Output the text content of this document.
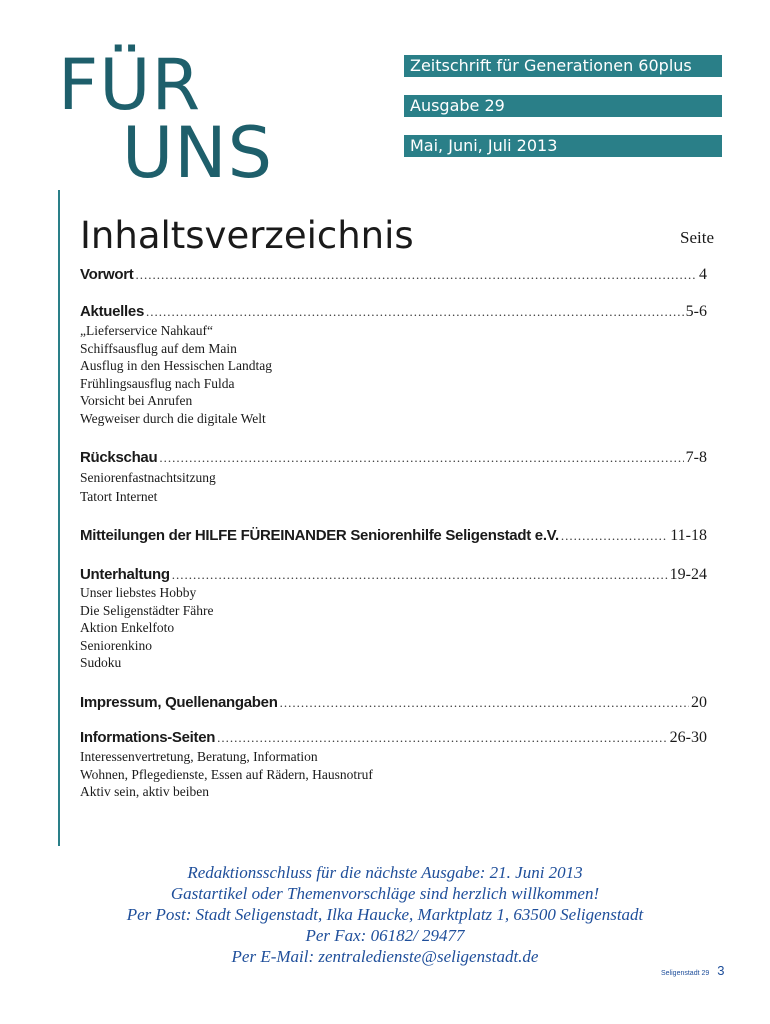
FÜR
UNS
Zeitschrift für Generationen 60plus
Ausgabe 29
Mai, Juni, Juli 2013
Inhaltsverzeichnis	Seite
Vorwort .....	4
Aktuelles .....	5-6
„Lieferservice Nahkauf“
Schiffsausflug auf dem Main
Ausflug in den Hessischen Landtag
Frühlingsausflug nach Fulda
Vorsicht bei Anrufen
Wegweiser durch die digitale Welt
Rückschau .....	7-8
Seniorenfastnachtsitzung
Tatort Internet
Mitteilungen der HILFE FÜREINANDER Seniorenhilfe Seligenstadt e.V. .....	11-18
Unterhaltung .....	19-24
Unser liebstes Hobby
Die Seligenstädter Fähre
Aktion Enkelfoto
Seniorenkino
Sudoku
Impressum, Quellenangaben .....	20
Informations-Seiten .....	26-30
Interessenvertretung, Beratung, Information
Wohnen, Pflegedienste, Essen auf Rädern, Hausnotruf
Aktiv sein, aktiv beiben
Redaktionsschluss für die nächste Ausgabe: 21. Juni 2013
Gastartikel oder Themenvorschläge sind herzlich willkommen!
Per Post: Stadt Seligenstadt, Ilka Haucke, Marktplatz 1, 63500 Seligenstadt
Per Fax: 06182/ 29477
Per E-Mail: zentraledienste@seligenstadt.de
Seligenstadt 29 3
